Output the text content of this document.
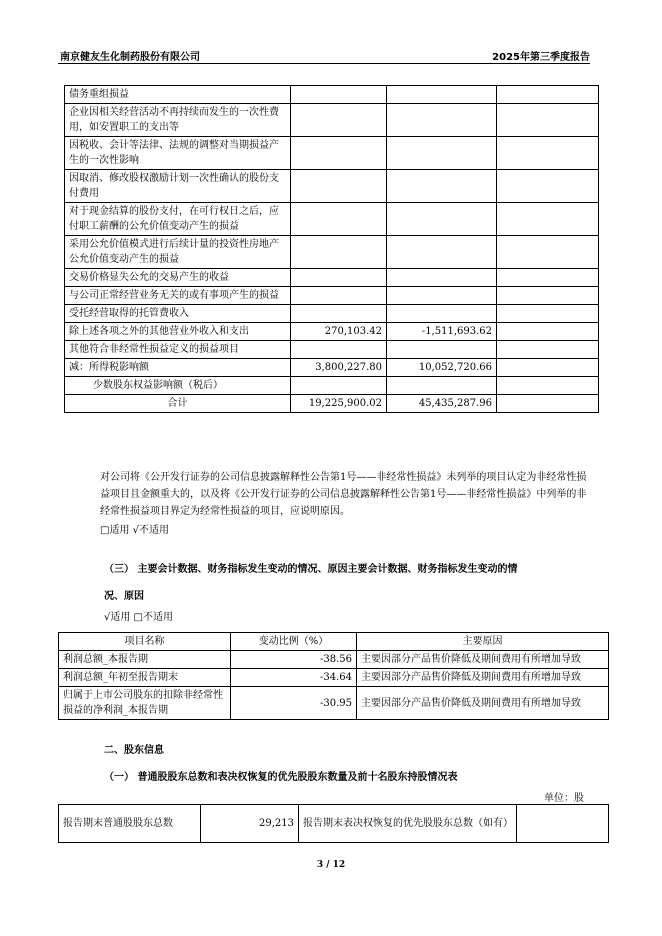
南京健友生化制药股份有限公司	2025年第三季度报告
债务重组损益			
企业因相关经营活动不再持续而发生的一次性费用，如安置职工的支出等			
因税收、会计等法律、法规的调整对当期损益产生的一次性影响			
因取消、修改股权激励计划一次性确认的股份支付费用			
对于现金结算的股份支付，在可行权日之后，应付职工薪酬的公允价值变动产生的损益			
采用公允价值模式进行后续计量的投资性房地产公允价值变动产生的损益			
交易价格显失公允的交易产生的收益			
与公司正常经营业务无关的或有事项产生的损益			
受托经营取得的托管费收入			
除上述各项之外的其他营业外收入和支出	270,103.42	-1,511,693.62	
其他符合非经常性损益定义的损益项目			
减：所得税影响额	3,800,227.80	10,052,720.66	
少数股东权益影响额（税后）			
合计	19,225,900.02	45,435,287.96	
对公司将《公开发行证券的公司信息披露解释性公告第1号——非经常性损益》未列举的项目认定为非经常性损益项目且金额重大的，以及将《公开发行证券的公司信息披露解释性公告第1号——非经常性损益》中列举的非经常性损益项目界定为经常性损益的项目，应说明原因。
□适用 √不适用
（三） 主要会计数据、财务指标发生变动的情况、原因主要会计数据、财务指标发生变动的情
况、原因
√适用 □不适用
项目名称	变动比例（%）	主要原因
利润总额_本报告期	-38.56	主要因部分产品售价降低及期间费用有所增加导致
利润总额_年初至报告期末	-34.64	主要因部分产品售价降低及期间费用有所增加导致
归属于上市公司股东的扣除非经常性损益的净利润_本报告期	-30.95	主要因部分产品售价降低及期间费用有所增加导致
二、股东信息
（一） 普通股股东总数和表决权恢复的优先股股东数量及前十名股东持股情况表
单位：股
报告期末普通股股东总数	29,213	报告期末表决权恢复的优先股股东总数（如有）	
3 / 12
